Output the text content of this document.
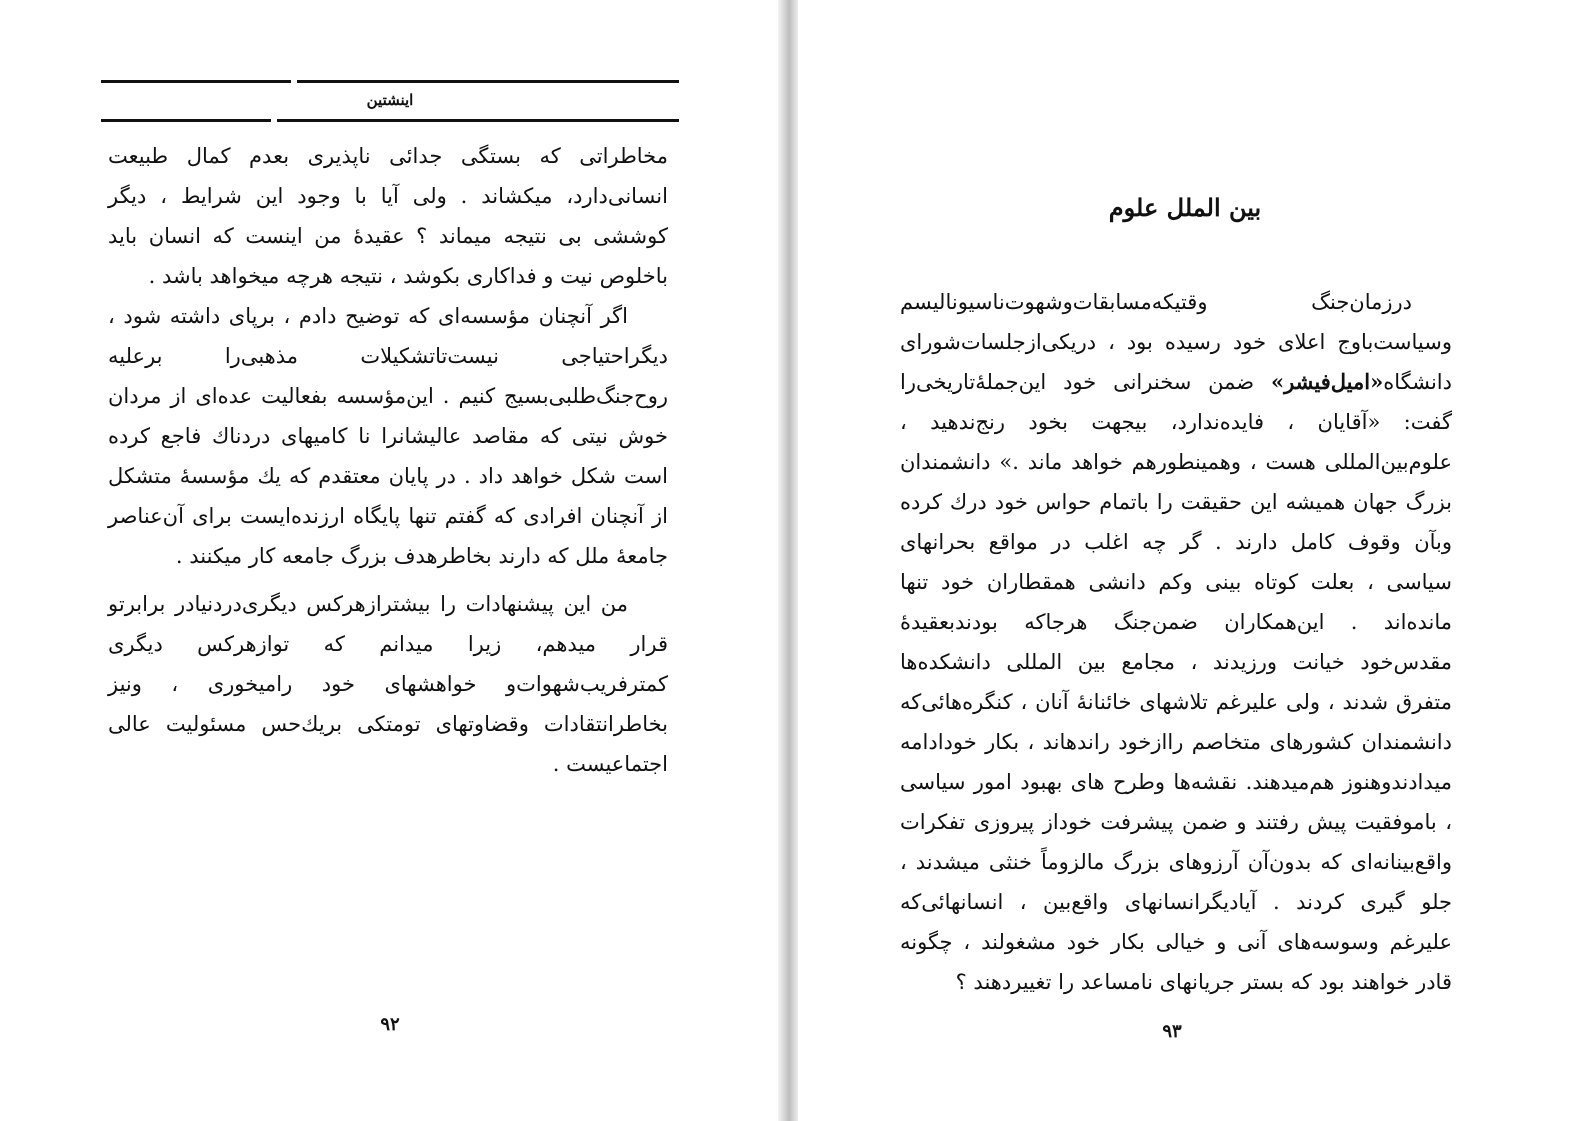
اینشتین

مخاطراتی که بستگی جدائی ناپذیری بعدم کمال طبیعت انسانی‌دارد، میکشاند . ولی آیا با وجود این شرایط ، دیگر کوششی بی نتیجه میماند ؟ عقیدهٔ من اینست که انسان باید باخلوص نیت و فداکاری بکوشد ، نتیجه هرچه میخواهد باشد .

اگر آنچنان مؤسسه‌ای که توضیح دادم ، برپای داشته شود ، دیگراحتیاجی نیست‌تاتشکیلات مذهبی‌را برعلیه روح‌جنگ‌طلبی‌بسیج کنیم . این‌مؤسسه بفعالیت عده‌ای از مردان خوش نیتی که مقاصد عالیشانرا نا کامیهای دردناك فاجع کرده است شکل خواهد داد . در پایان معتقدم که یك مؤسسهٔ متشکل از آنچنان افرادی که گفتم تنها پایگاه ارزنده‌ایست برای آن‌عناصر جامعهٔ ملل که دارند بخاطرهدف بزرگ جامعه کار میکنند .

من این پیشنهادات را بیشترازهرکس دیگری‌دردنیادر برابرتو قرار میدهم، زیرا میدانم که توازهرکس دیگری کمترفریب‌شهوات‌و خواهشهای خود رامیخوری ، ونیز بخاطرانتقادات وقضاوتهای تومتکی بریك‌حس مسئولیت عالی اجتماعیست .

۹۲
بین الملل علوم

درزمان‌جنگ وقتیکه‌مسابقات‌وشهوت‌ناسیونالیسم وسیاست‌باوج اعلای خود رسیده بود ، دریکی‌ازجلسات‌شورای دانشگاه«امیل‌فیشر» ضمن سخنرانی خود این‌جملهٔ‌تاریخی‌را گفت: «آقایان ، فایده‌ندارد، بیجهت بخود رنج‌ندهید ، علوم‌بین‌المللی هست ، وهمینطورهم خواهد ماند .» دانشمندان بزرگ جهان همیشه این حقیقت را باتمام حواس خود درك کرده وبآن وقوف کامل دارند . گر چه اغلب در مواقع بحرانهای سیاسی ، بعلت کوتاه بینی وکم دانشی همقطاران خود تنها مانده‌اند . این‌همکاران ضمن‌جنگ هرجاکه بودندبعقیدهٔ مقدس‌خود خیانت ورزیدند ، مجامع بین المللی دانشکده‌ها متفرق شدند ، ولی علیرغم تلاشهای خائنانهٔ آنان ، کنگره‌هائی‌که دانشمندان کشورهای متخاصم رااز‌خود راندهاند ، بکار خودادامه میدادندوهنوز هم‌میدهند. نقشه‌ها وطرح های بهبود امور سیاسی ، باموفقیت پیش رفتند و ضمن پیشرفت خوداز پیروزی تفکرات واقع‌بینانه‌ای که بدون‌آن آرزوهای بزرگ مالزوماً خنثی میشدند ، جلو گیری کردند . آیادیگرانسانهای واقع‌بین ، انسانهائی‌که علیرغم وسوسه‌های آنی و خیالی بکار خود مشغولند ، چگونه قادر خواهند بود که بستر جریانهای نامساعد را تغییردهند ؟

۹۳
